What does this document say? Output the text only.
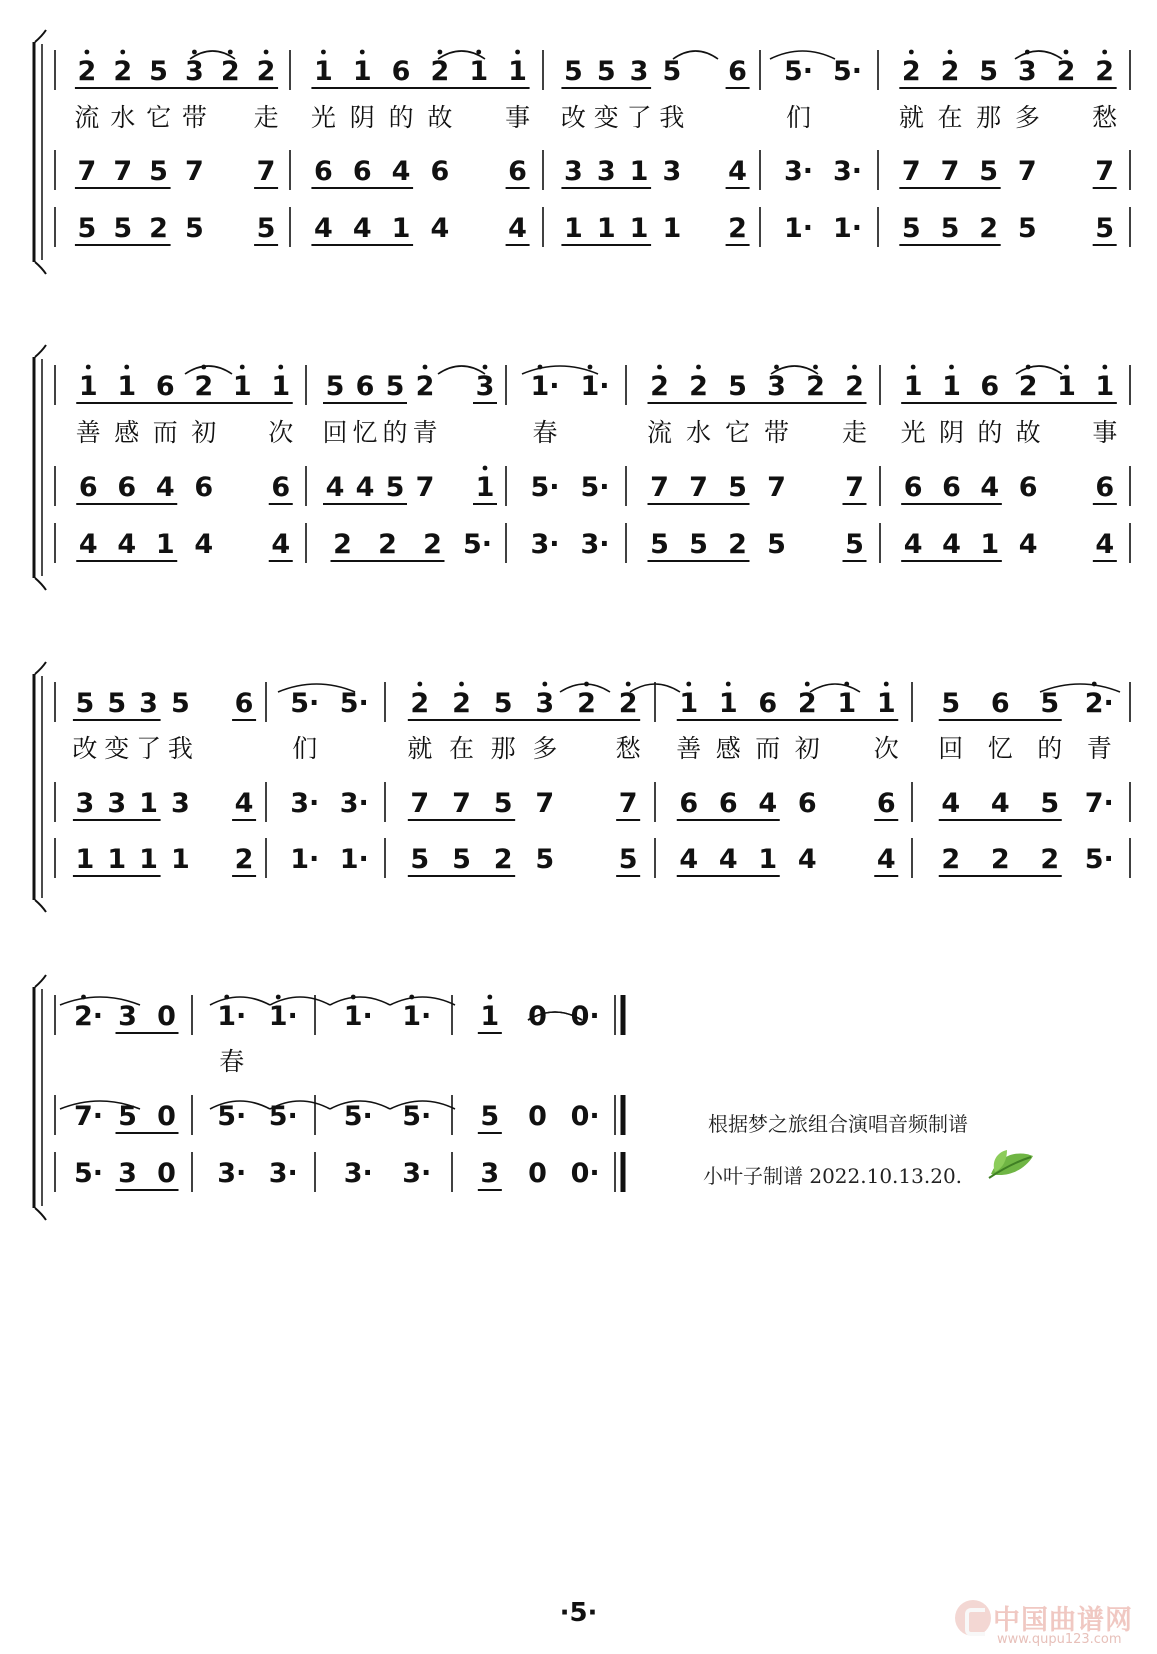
2 2 5 3 2 2
7 7 5 7 7
5 5 2 5 5
流 水 它 带 走
1 1 6 2 1 1
6 6 4 6 6
4 4 1 4 4
光 阴 的 故 事
5 5 3 5 6
3 3 1 3 4
1 1 1 1 2
改 变 了 我
5· 5·
3· 3·
1· 1·
们
2 2 5 3 2 2
7 7 5 7 7
5 5 2 5 5
就 在 那 多 愁
1 1 6 2 1 1
6 6 4 6 6
4 4 1 4 4
善 感 而 初 次
5 6 5 2 3
4 4 5 7 1
2 2 2 5·
回 忆 的 青
1· 1·
5· 5·
3· 3·
春
2 2 5 3 2 2
7 7 5 7 7
5 5 2 5 5
流 水 它 带 走
1 1 6 2 1 1
6 6 4 6 6
4 4 1 4 4
光 阴 的 故 事
5 5 3 5 6
3 3 1 3 4
1 1 1 1 2
改 变 了 我
5· 5·
3· 3·
1· 1·
们
2 2 5 3 2 2
7 7 5 7 7
5 5 2 5 5
就 在 那 多 愁
1 1 6 2 1 1
6 6 4 6 6
4 4 1 4 4
善 感 而 初 次
5 6 5 2·
4 4 5 7·
2 2 2 5·
回 忆 的 青
2· 3 0
7· 5 0
5· 3 0
1· 1·
5· 5·
3· 3·
春
1· 1·
5· 5·
3· 3·
1 0 0·
5 0 0·
3 0 0·
根据梦之旅组合演唱音频制谱
小叶子制谱 2022.10.13.20.
·5·	中国曲谱网
www.qupu123.com
